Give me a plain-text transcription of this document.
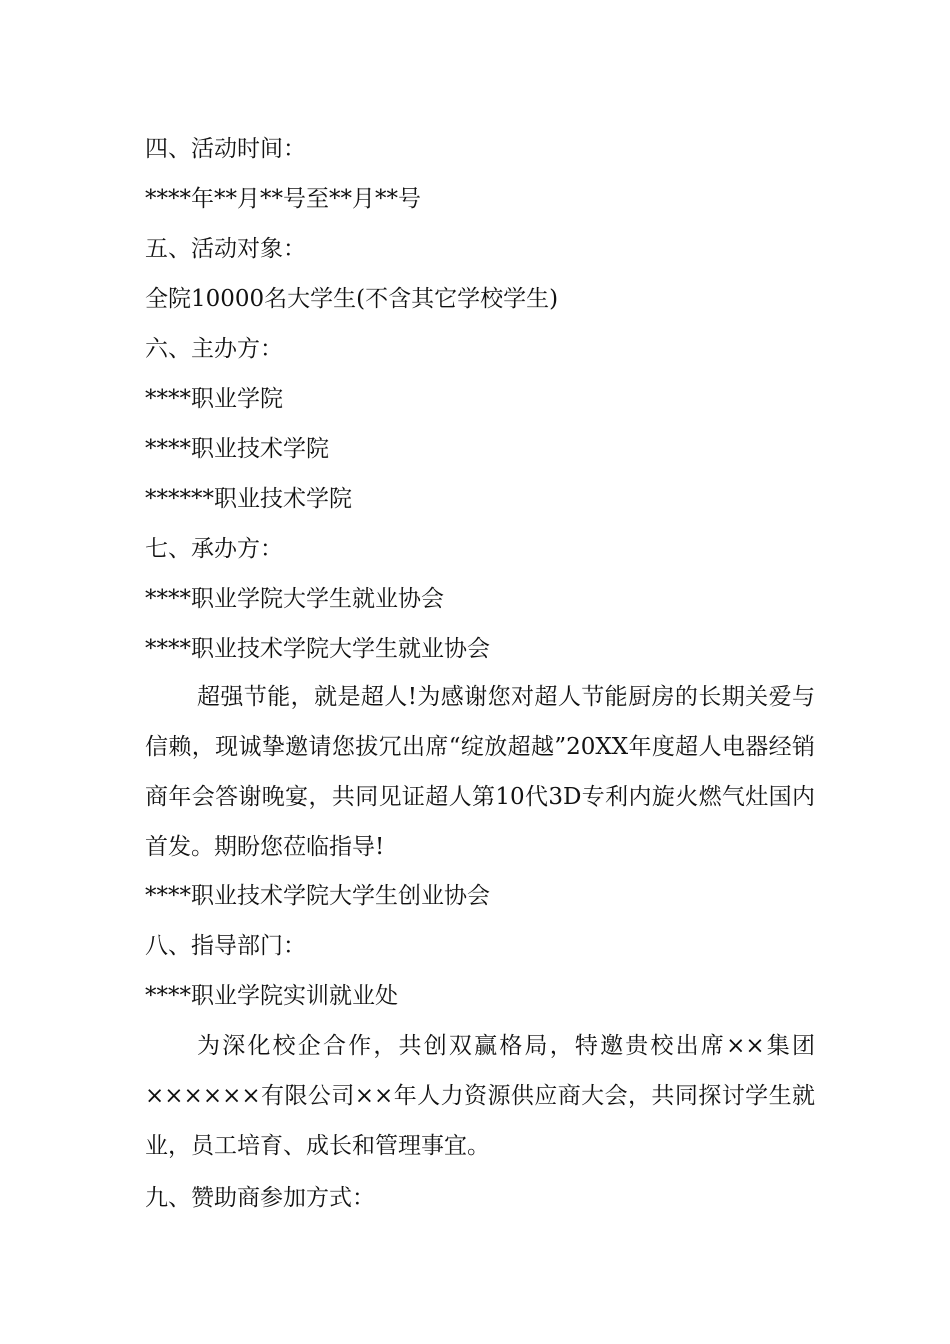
四、活动时间：
****年**月**号至**月**号
五、活动对象：
全院10000名大学生(不含其它学校学生)
六、主办方：
****职业学院
****职业技术学院
******职业技术学院
七、承办方：
****职业学院大学生就业协会
****职业技术学院大学生就业协会
超强节能，就是超人!为感谢您对超人节能厨房的长期关爱与信赖，现诚挚邀请您拔冗出席“绽放超越”20XX年度超人电器经销商年会答谢晚宴，共同见证超人第10代3D专利内旋火燃气灶国内首发。期盼您莅临指导!
****职业技术学院大学生创业协会
八、指导部门：
****职业学院实训就业处
为深化校企合作，共创双赢格局，特邀贵校出席××集团××××××有限公司××年人力资源供应商大会，共同探讨学生就业，员工培育、成长和管理事宜。
九、赞助商参加方式：
